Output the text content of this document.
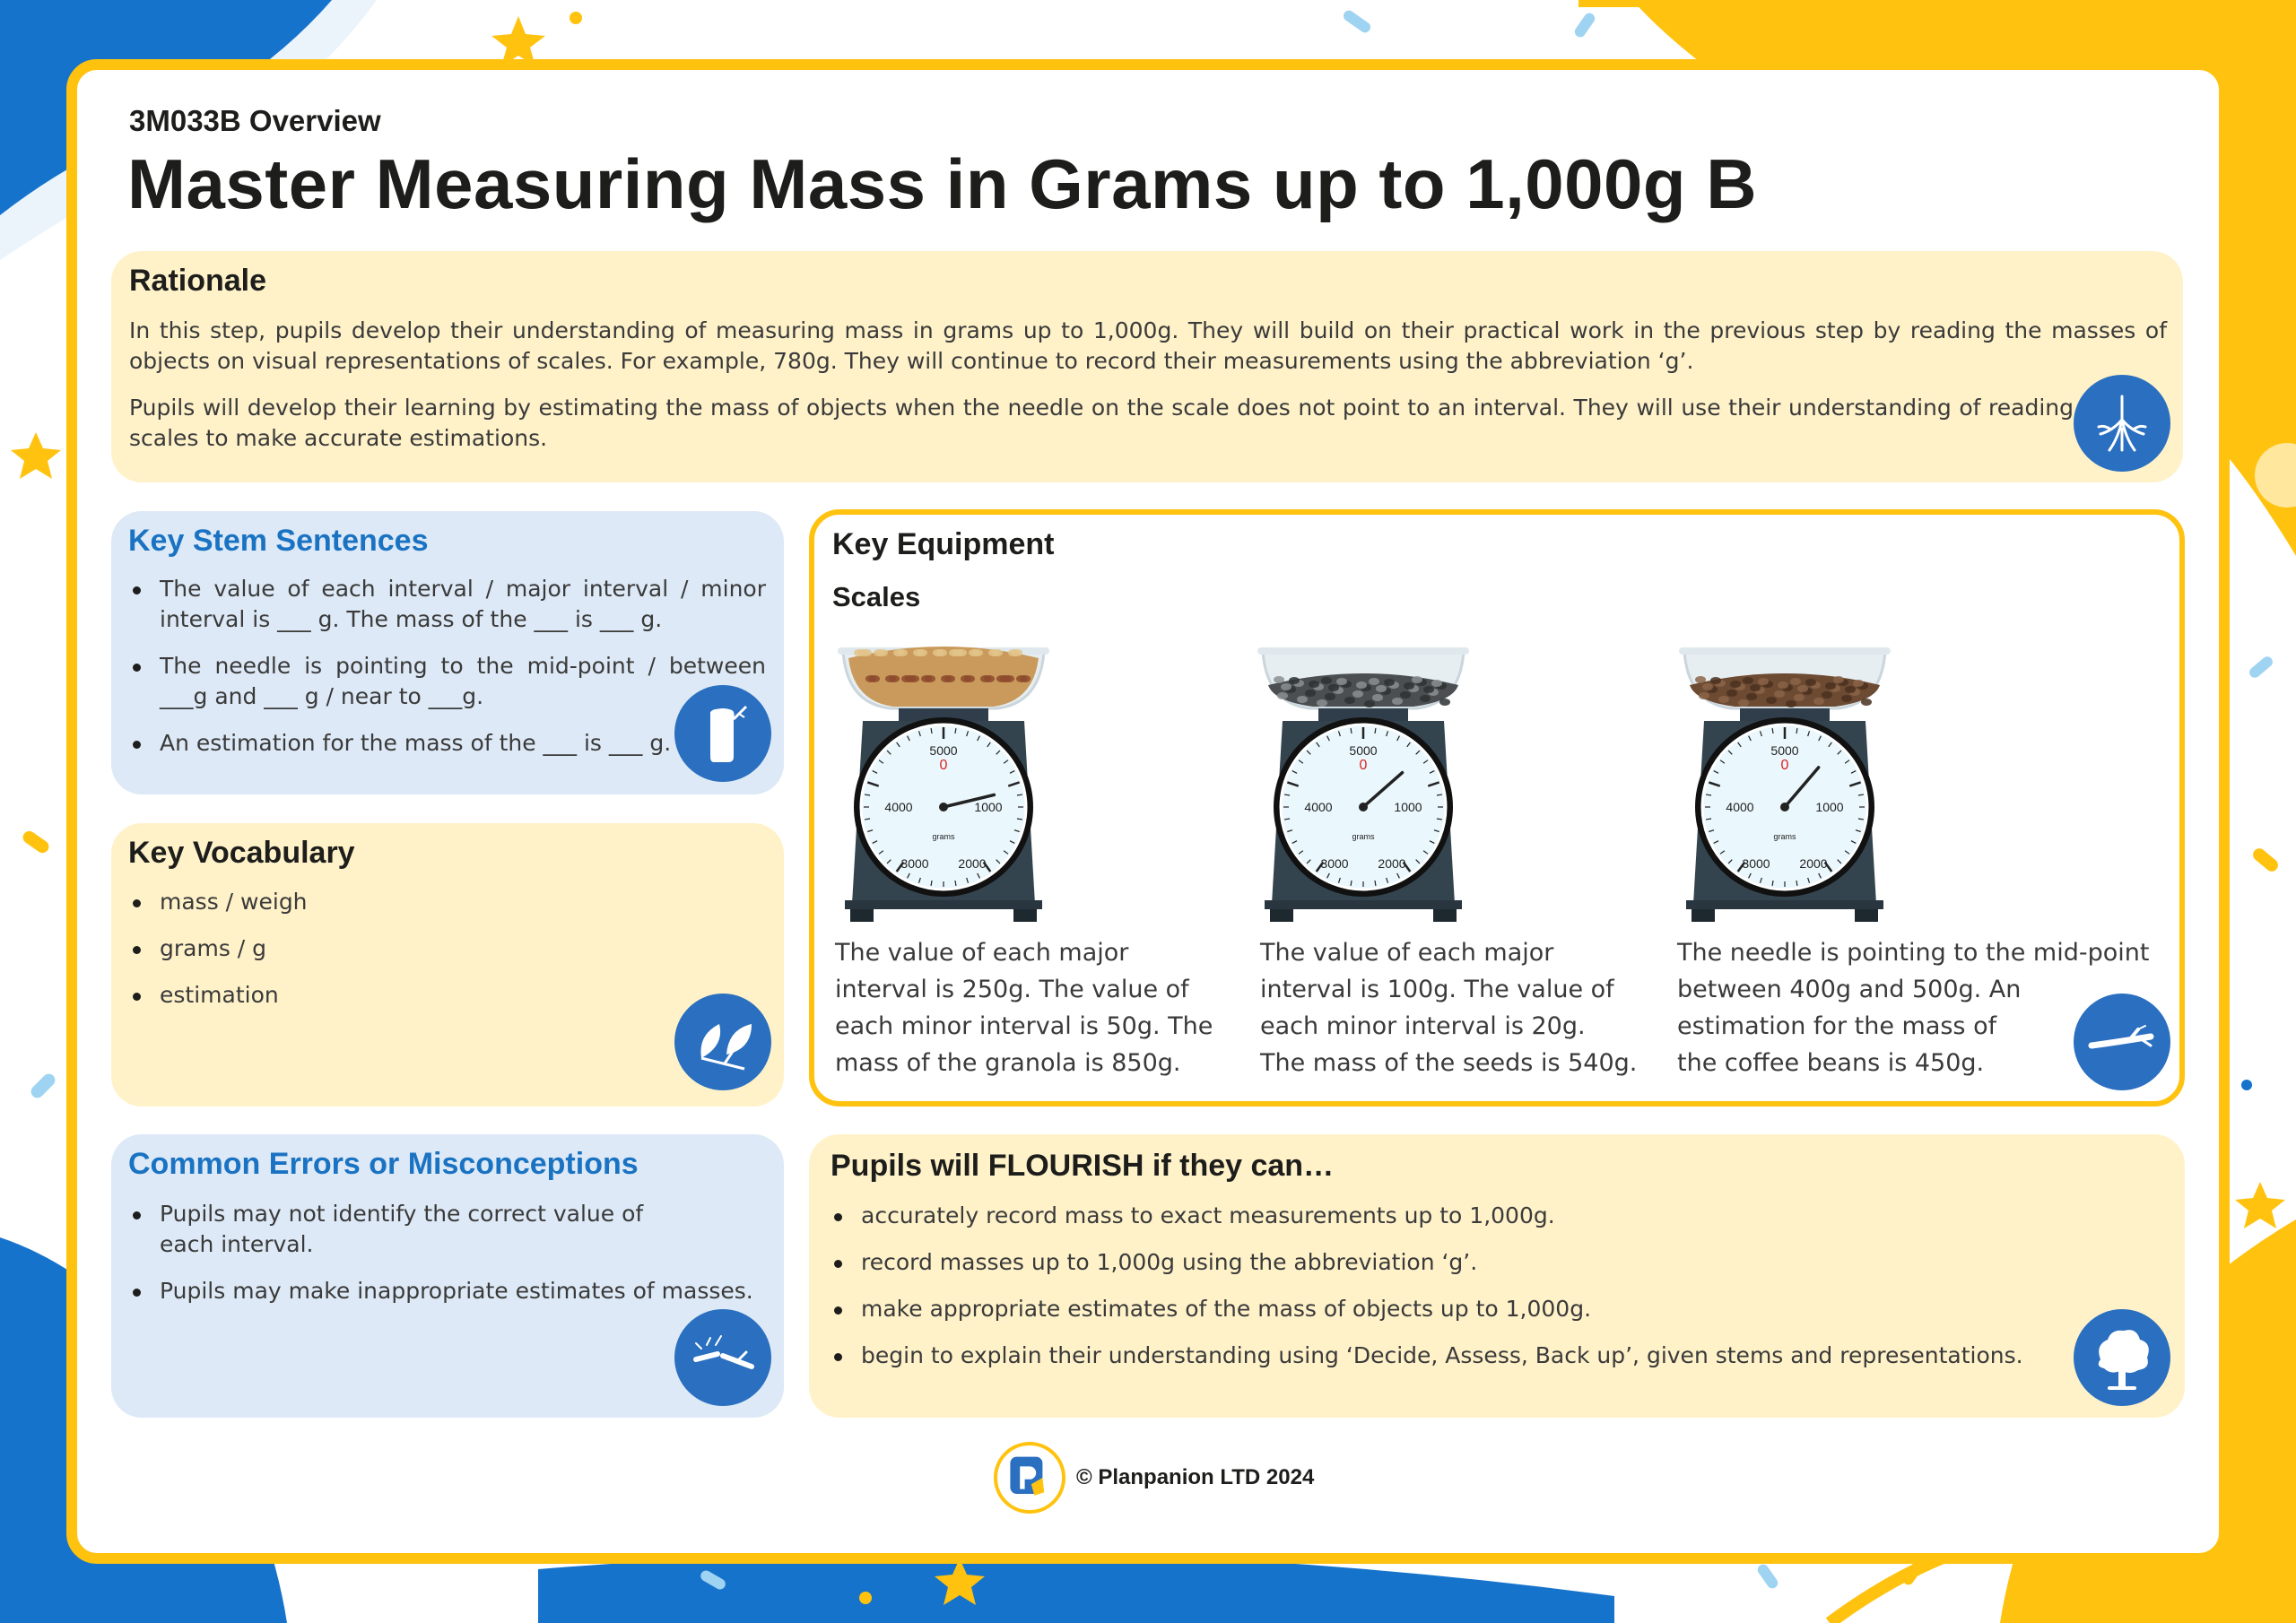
3M033B Overview
Master Measuring Mass in Grams up to 1,000g B
Rationale

In this step, pupils develop their understanding of measuring mass in grams up to 1,000g. They will build on their practical work in the previous step by reading the masses of objects on visual representations of scales. For example, 780g. They will continue to record their measurements using the abbreviation ‘g’.

Pupils will develop their learning by estimating the mass of objects when the needle on the scale does not point to an interval. They will use their understanding of reading scales to make accurate estimations.

Key Stem Sentences
The value of each interval / major interval / minor interval is ___ g. The mass of the ___ is ___ g.
The needle is pointing to the mid-point / between ___g and ___ g / near to ___g.
An estimation for the mass of the ___ is ___ g.
Key Vocabulary
mass / weigh
grams / g
estimation
Common Errors or Misconceptions
Pupils may not identify the correct value of each interval.
Pupils may make inappropriate estimates of masses.
Key Equipment
Scales
5000
0
4000	1000
3000 2000
grams
5000
0
4000	1000
3000 2000
grams
5000
0
4000	1000
3000 2000
grams
The value of each major
interval is 250g. The value of
each minor interval is 50g. The
mass of the granola is 850g.
The value of each major
interval is 100g. The value of
each minor interval is 20g.
The mass of the seeds is 540g.
The needle is pointing to the mid-point
between 400g and 500g. An
estimation for the mass of
the coffee beans is 450g.
Pupils will FLOURISH if they can…
accurately record mass to exact measurements up to 1,000g.
record masses up to 1,000g using the abbreviation ‘g’.
make appropriate estimates of the mass of objects up to 1,000g.
begin to explain their understanding using ‘Decide, Assess, Back up’, given stems and representations.
© Planpanion LTD 2024
